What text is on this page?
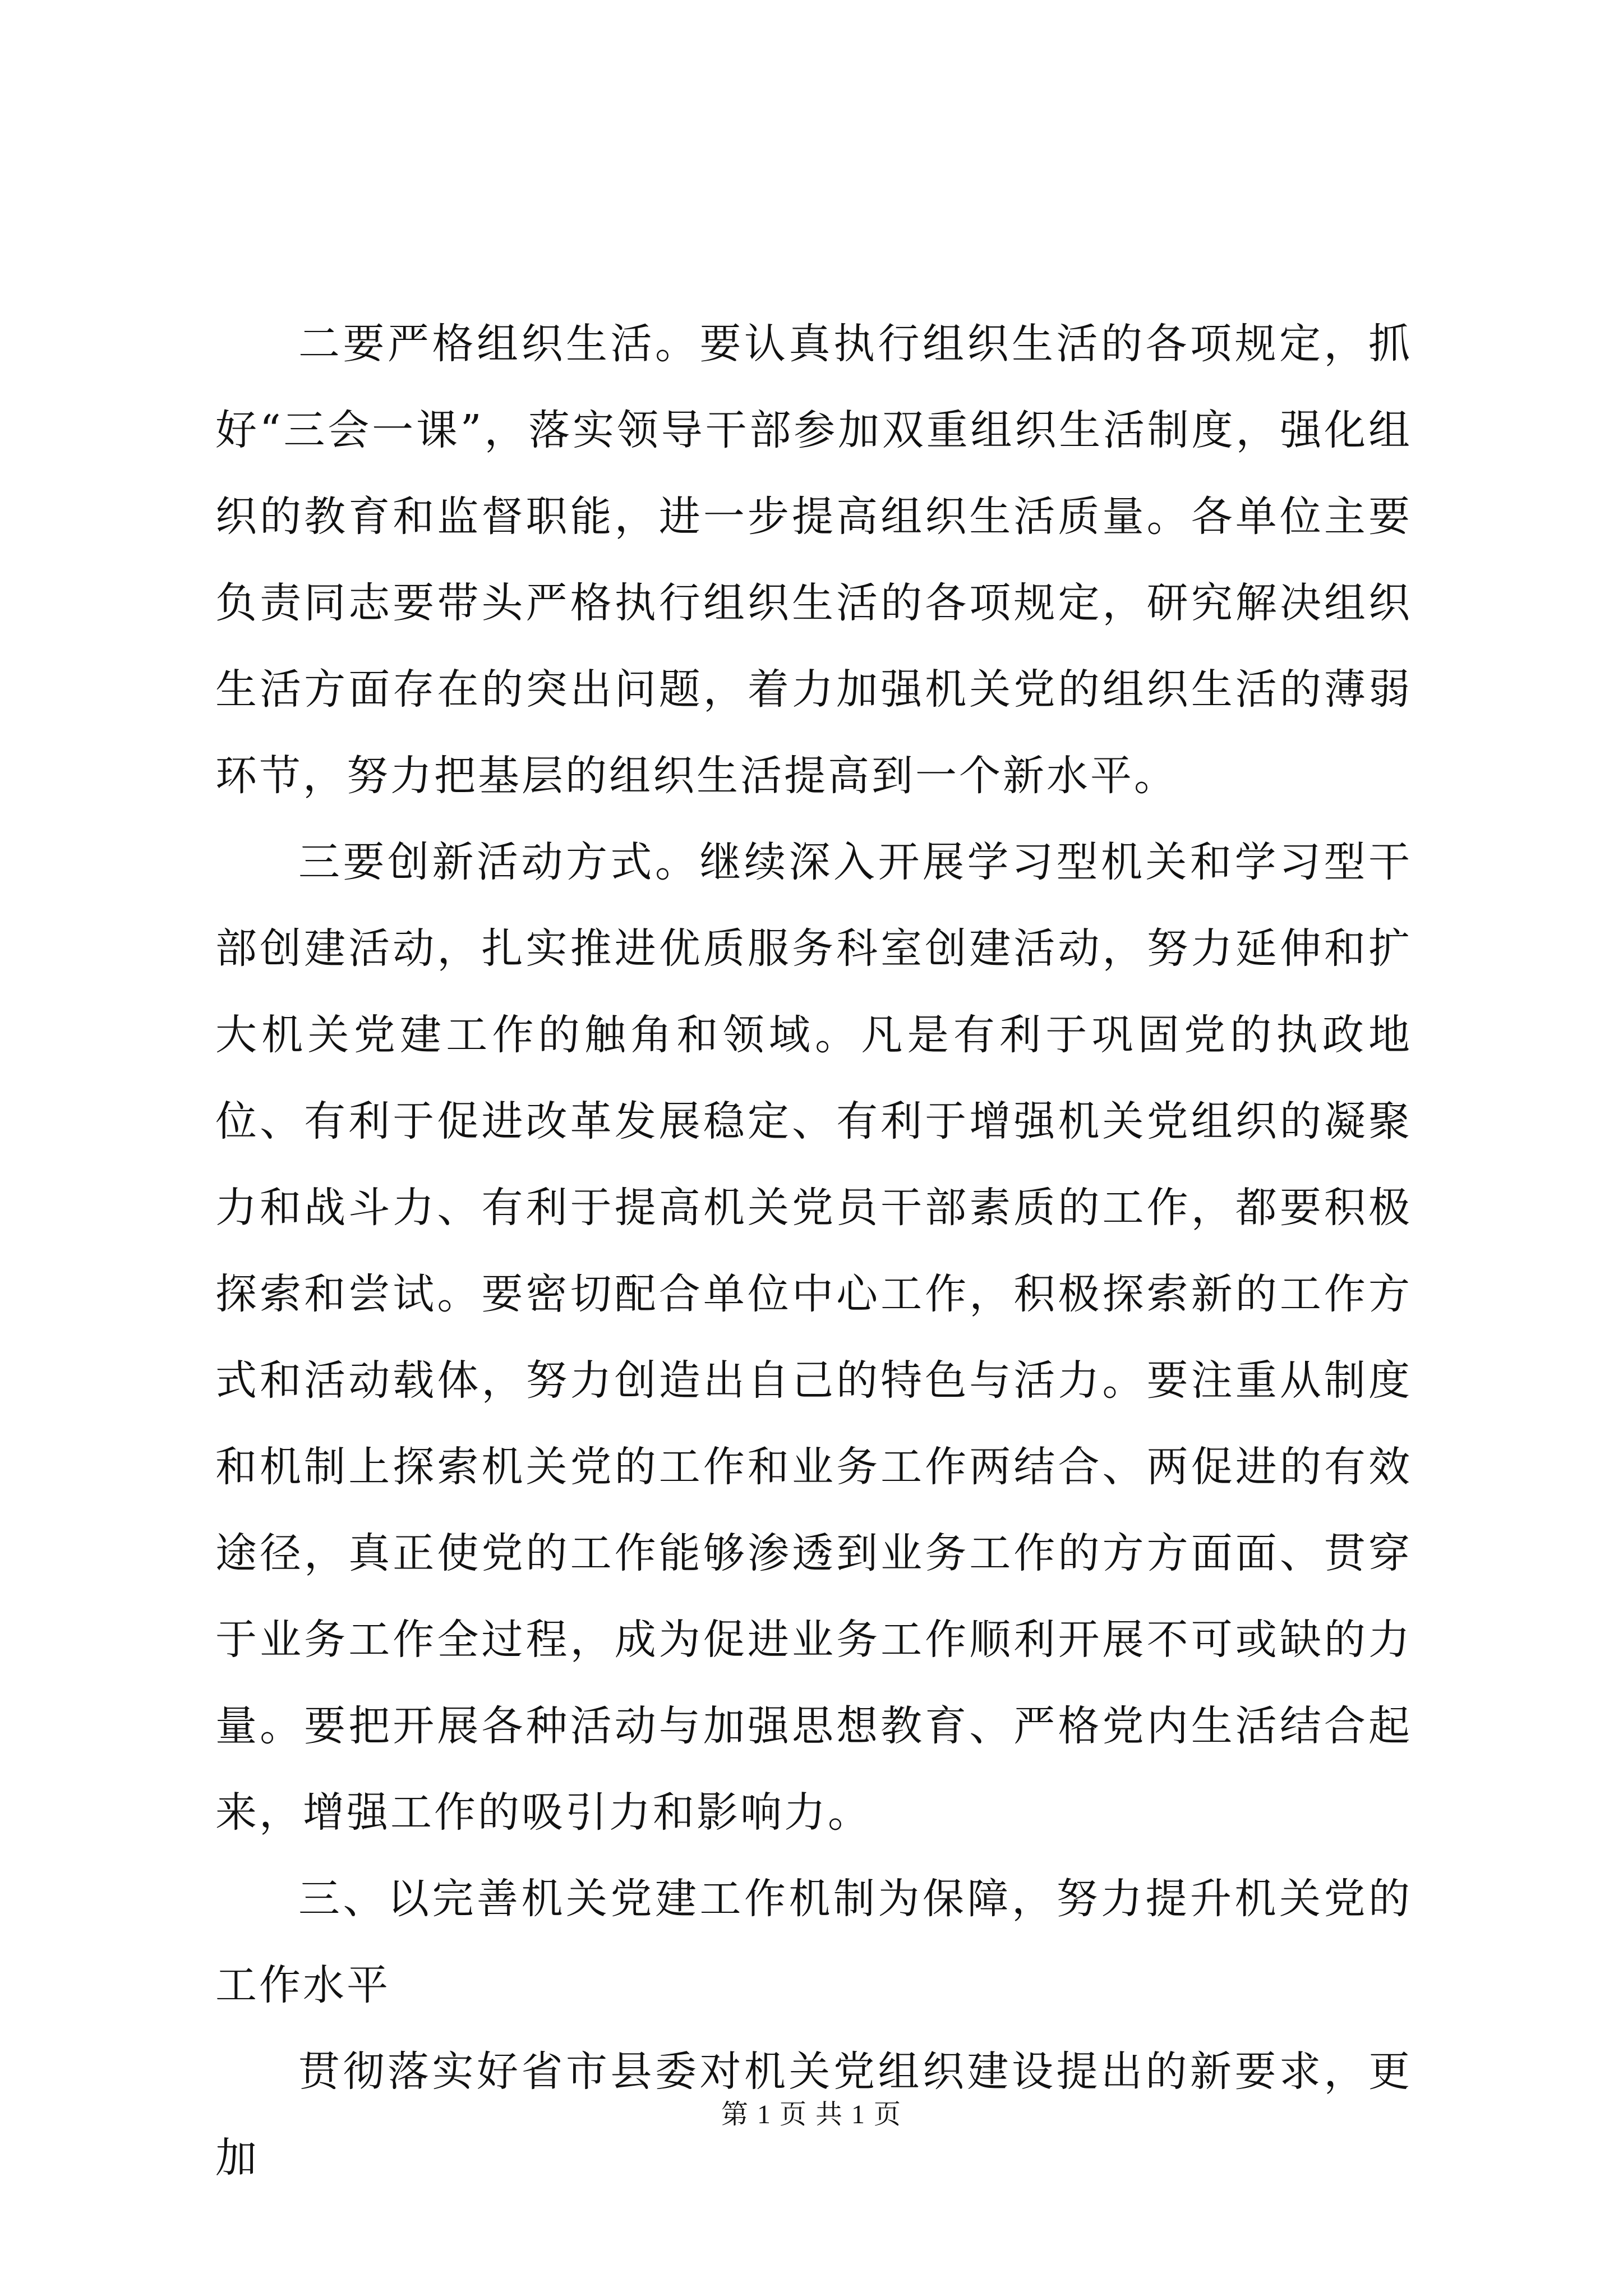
二要严格组织生活。要认真执行组织生活的各项规定，抓好“三会一课”，落实领导干部参加双重组织生活制度，强化组织的教育和监督职能，进一步提高组织生活质量。各单位主要负责同志要带头严格执行组织生活的各项规定，研究解决组织生活方面存在的突出问题，着力加强机关党的组织生活的薄弱环节，努力把基层的组织生活提高到一个新水平。

三要创新活动方式。继续深入开展学习型机关和学习型干部创建活动，扎实推进优质服务科室创建活动，努力延伸和扩大机关党建工作的触角和领域。凡是有利于巩固党的执政地位、有利于促进改革发展稳定、有利于增强机关党组织的凝聚力和战斗力、有利于提高机关党员干部素质的工作，都要积极探索和尝试。要密切配合单位中心工作，积极探索新的工作方式和活动载体，努力创造出自己的特色与活力。要注重从制度和机制上探索机关党的工作和业务工作两结合、两促进的有效途径，真正使党的工作能够渗透到业务工作的方方面面、贯穿于业务工作全过程，成为促进业务工作顺利开展不可或缺的力量。要把开展各种活动与加强思想教育、严格党内生活结合起来，增强工作的吸引力和影响力。

三、以完善机关党建工作机制为保障，努力提升机关党的工作水平

贯彻落实好省市县委对机关党组织建设提出的新要求，更加

第 1 页 共 1 页
